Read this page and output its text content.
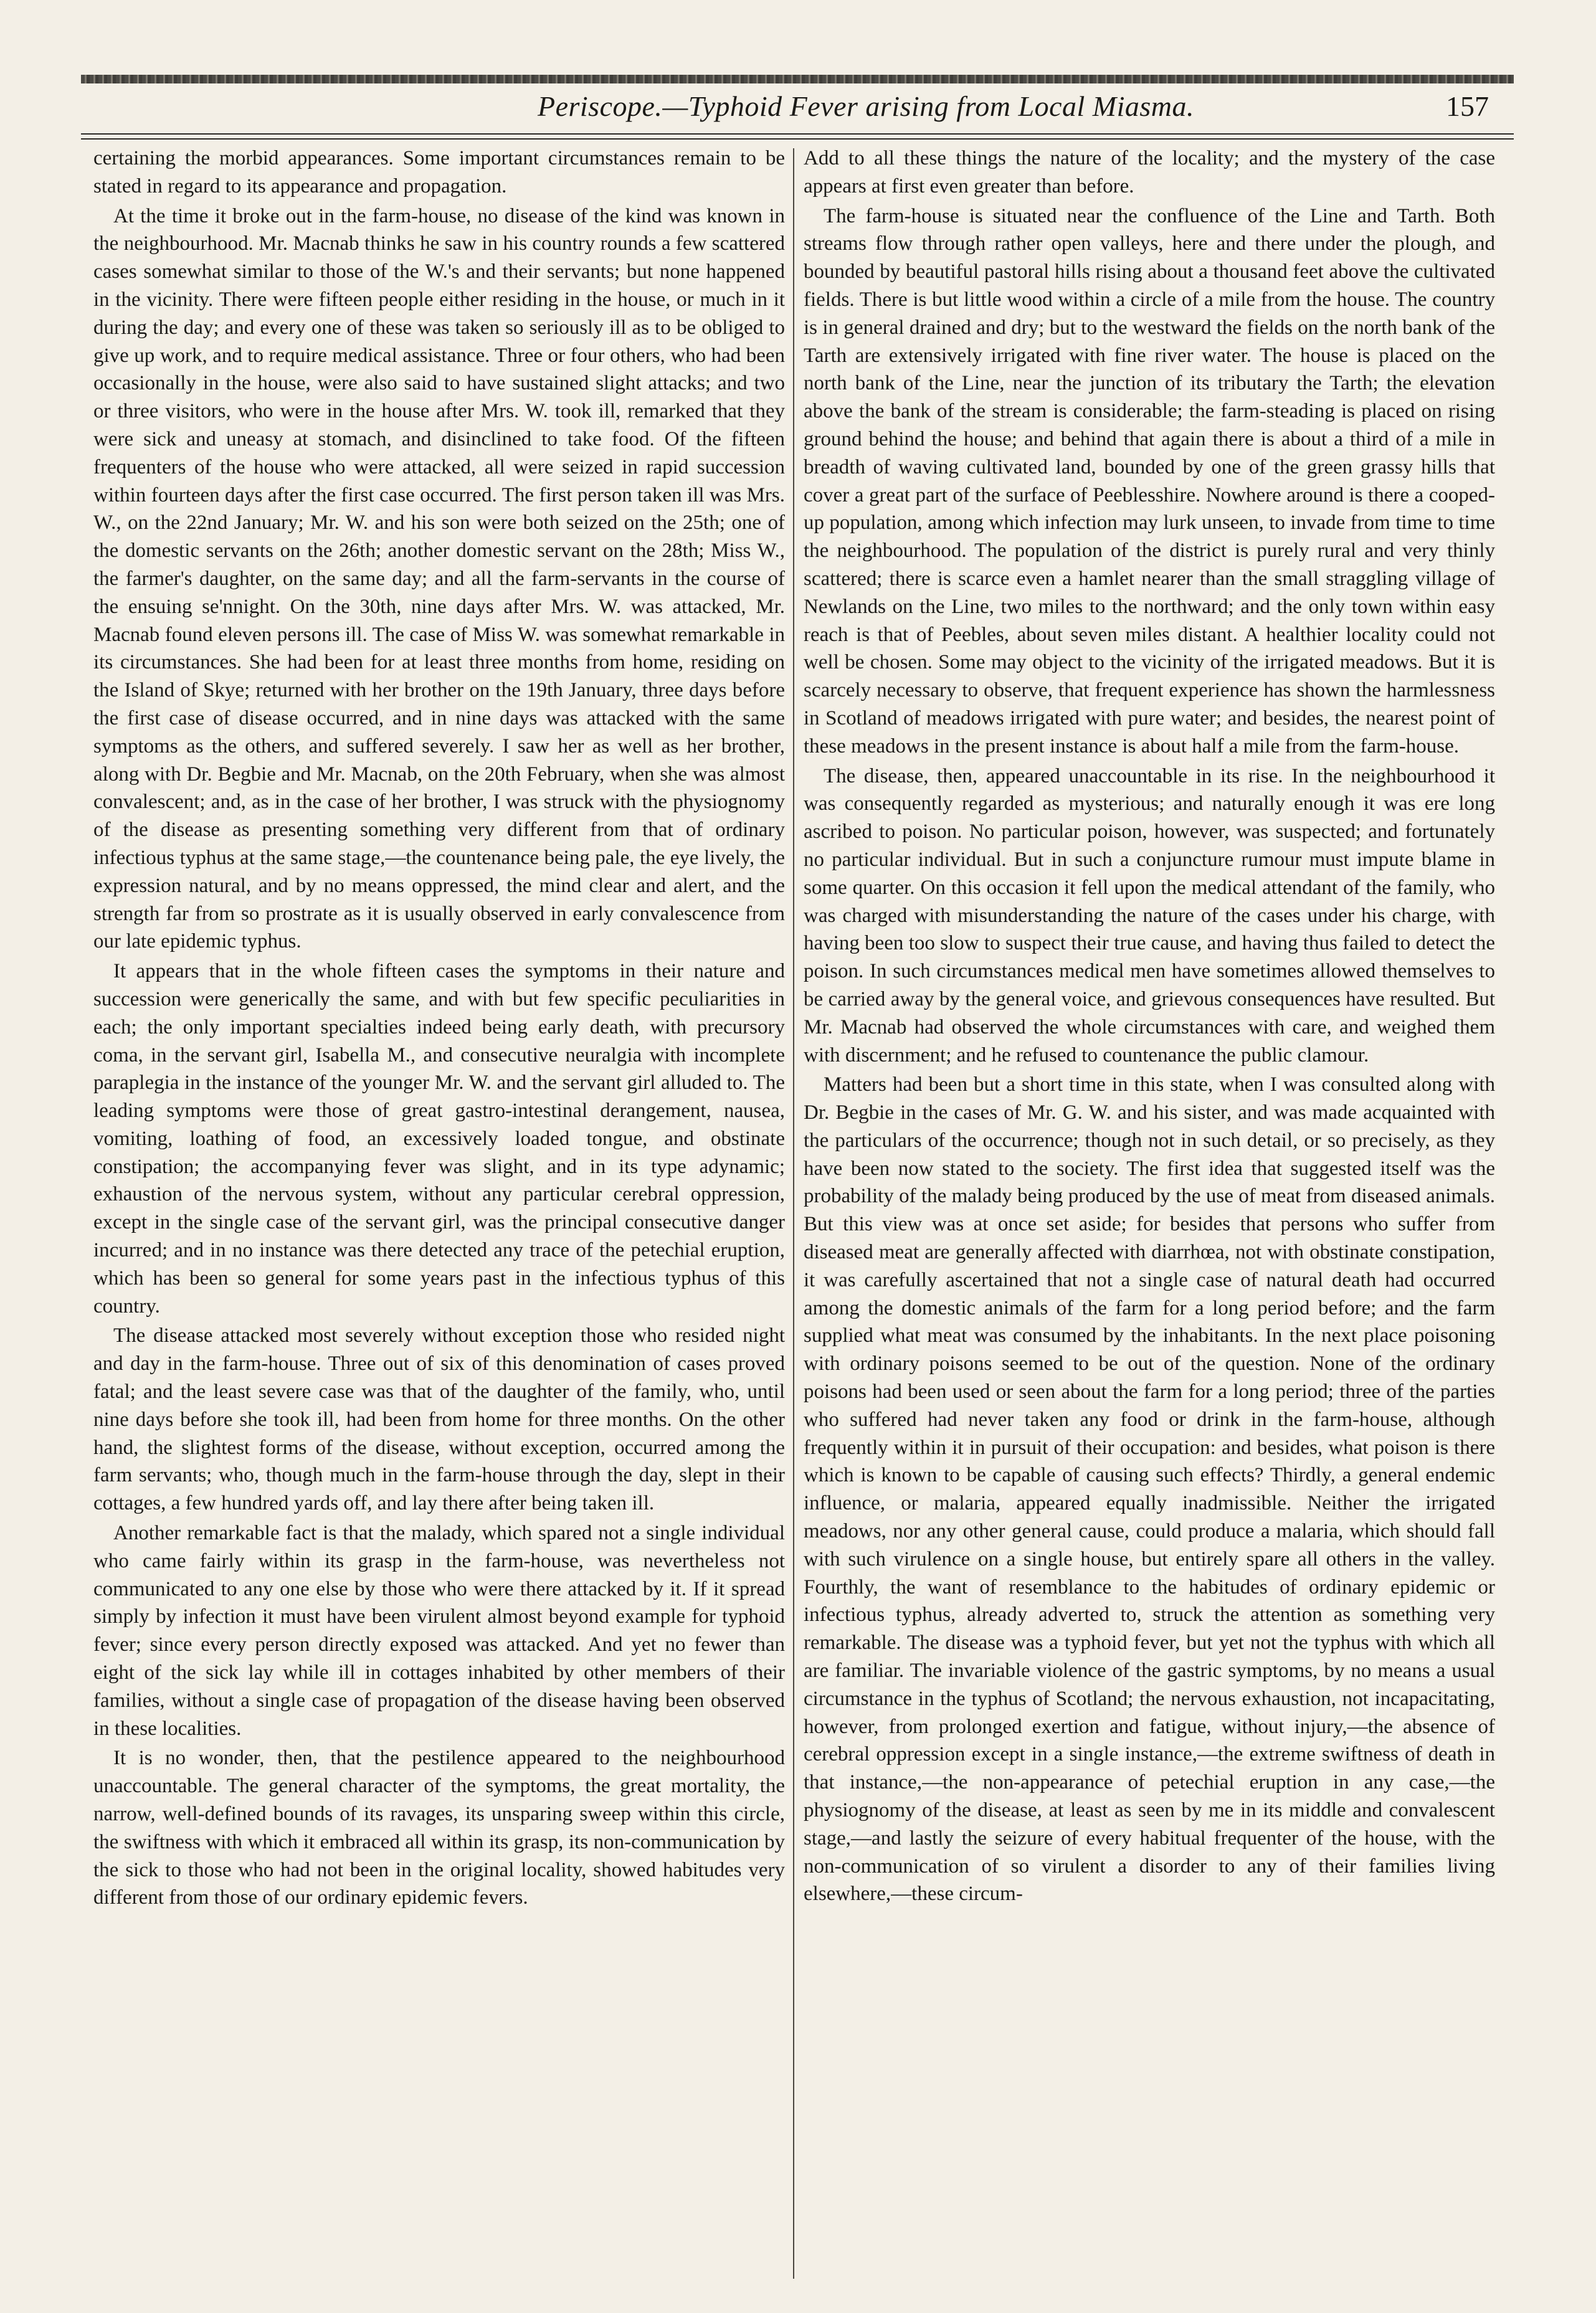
Periscope.—Typhoid Fever arising from Local Miasma.	157

certaining the morbid appearances. Some important circumstances remain to be stated in regard to its appearance and propagation.

At the time it broke out in the farm-house, no disease of the kind was known in the neighbourhood. Mr. Macnab thinks he saw in his country rounds a few scattered cases somewhat similar to those of the W.'s and their servants; but none happened in the vicinity. There were fifteen people either residing in the house, or much in it during the day; and every one of these was taken so seriously ill as to be obliged to give up work, and to require medical assistance. Three or four others, who had been occasionally in the house, were also said to have sustained slight attacks; and two or three visitors, who were in the house after Mrs. W. took ill, remarked that they were sick and uneasy at stomach, and disinclined to take food. Of the fifteen frequenters of the house who were attacked, all were seized in rapid succession within fourteen days after the first case occurred. The first person taken ill was Mrs. W., on the 22nd January; Mr. W. and his son were both seized on the 25th; one of the domestic servants on the 26th; another domestic servant on the 28th; Miss W., the farmer's daughter, on the same day; and all the farm-servants in the course of the ensuing se'nnight. On the 30th, nine days after Mrs. W. was attacked, Mr. Macnab found eleven persons ill. The case of Miss W. was somewhat remarkable in its circumstances. She had been for at least three months from home, residing on the Island of Skye; returned with her brother on the 19th January, three days before the first case of disease occurred, and in nine days was attacked with the same symptoms as the others, and suffered severely. I saw her as well as her brother, along with Dr. Begbie and Mr. Macnab, on the 20th February, when she was almost convalescent; and, as in the case of her brother, I was struck with the physiognomy of the disease as presenting something very different from that of ordinary infectious typhus at the same stage,—the countenance being pale, the eye lively, the expression natural, and by no means oppressed, the mind clear and alert, and the strength far from so prostrate as it is usually observed in early convalescence from our late epidemic typhus.

It appears that in the whole fifteen cases the symptoms in their nature and succession were generically the same, and with but few specific peculiarities in each; the only important specialties indeed being early death, with precursory coma, in the servant girl, Isabella M., and consecutive neuralgia with incomplete paraplegia in the instance of the younger Mr. W. and the servant girl alluded to. The leading symptoms were those of great gastro-intestinal derangement, nausea, vomiting, loathing of food, an excessively loaded tongue, and obstinate constipation; the accompanying fever was slight, and in its type adynamic; exhaustion of the nervous system, without any particular cerebral oppression, except in the single case of the servant girl, was the principal consecutive danger incurred; and in no instance was there detected any trace of the petechial eruption, which has been so general for some years past in the infectious typhus of this country.

The disease attacked most severely without exception those who resided night and day in the farm-house. Three out of six of this denomination of cases proved fatal; and the least severe case was that of the daughter of the family, who, until nine days before she took ill, had been from home for three months. On the other hand, the slightest forms of the disease, without exception, occurred among the farm servants; who, though much in the farm-house through the day, slept in their cottages, a few hundred yards off, and lay there after being taken ill.

Another remarkable fact is that the malady, which spared not a single individual who came fairly within its grasp in the farm-house, was nevertheless not communicated to any one else by those who were there attacked by it. If it spread simply by infection it must have been virulent almost beyond example for typhoid fever; since every person directly exposed was attacked. And yet no fewer than eight of the sick lay while ill in cottages inhabited by other members of their families, without a single case of propagation of the disease having been observed in these localities.

It is no wonder, then, that the pestilence appeared to the neighbourhood unaccountable. The general character of the symptoms, the great mortality, the narrow, well-defined bounds of its ravages, its unsparing sweep within this circle, the swiftness with which it embraced all within its grasp, its non-communication by the sick to those who had not been in the original locality, showed habitudes very different from those of our ordinary epidemic fevers.

Add to all these things the nature of the locality; and the mystery of the case appears at first even greater than before.

The farm-house is situated near the confluence of the Line and Tarth. Both streams flow through rather open valleys, here and there under the plough, and bounded by beautiful pastoral hills rising about a thousand feet above the cultivated fields. There is but little wood within a circle of a mile from the house. The country is in general drained and dry; but to the westward the fields on the north bank of the Tarth are extensively irrigated with fine river water. The house is placed on the north bank of the Line, near the junction of its tributary the Tarth; the elevation above the bank of the stream is considerable; the farm-steading is placed on rising ground behind the house; and behind that again there is about a third of a mile in breadth of waving cultivated land, bounded by one of the green grassy hills that cover a great part of the surface of Peeblesshire. Nowhere around is there a cooped-up population, among which infection may lurk unseen, to invade from time to time the neighbourhood. The population of the district is purely rural and very thinly scattered; there is scarce even a hamlet nearer than the small straggling village of Newlands on the Line, two miles to the northward; and the only town within easy reach is that of Peebles, about seven miles distant. A healthier locality could not well be chosen. Some may object to the vicinity of the irrigated meadows. But it is scarcely necessary to observe, that frequent experience has shown the harmlessness in Scotland of meadows irrigated with pure water; and besides, the nearest point of these meadows in the present instance is about half a mile from the farm-house.

The disease, then, appeared unaccountable in its rise. In the neighbourhood it was consequently regarded as mysterious; and naturally enough it was ere long ascribed to poison. No particular poison, however, was suspected; and fortunately no particular individual. But in such a conjuncture rumour must impute blame in some quarter. On this occasion it fell upon the medical attendant of the family, who was charged with misunderstanding the nature of the cases under his charge, with having been too slow to suspect their true cause, and having thus failed to detect the poison. In such circumstances medical men have sometimes allowed themselves to be carried away by the general voice, and grievous consequences have resulted. But Mr. Macnab had observed the whole circumstances with care, and weighed them with discernment; and he refused to countenance the public clamour.

Matters had been but a short time in this state, when I was consulted along with Dr. Begbie in the cases of Mr. G. W. and his sister, and was made acquainted with the particulars of the occurrence; though not in such detail, or so precisely, as they have been now stated to the society. The first idea that suggested itself was the probability of the malady being produced by the use of meat from diseased animals. But this view was at once set aside; for besides that persons who suffer from diseased meat are generally affected with diarrhœa, not with obstinate constipation, it was carefully ascertained that not a single case of natural death had occurred among the domestic animals of the farm for a long period before; and the farm supplied what meat was consumed by the inhabitants. In the next place poisoning with ordinary poisons seemed to be out of the question. None of the ordinary poisons had been used or seen about the farm for a long period; three of the parties who suffered had never taken any food or drink in the farm-house, although frequently within it in pursuit of their occupation: and besides, what poison is there which is known to be capable of causing such effects? Thirdly, a general endemic influence, or malaria, appeared equally inadmissible. Neither the irrigated meadows, nor any other general cause, could produce a malaria, which should fall with such virulence on a single house, but entirely spare all others in the valley. Fourthly, the want of resemblance to the habitudes of ordinary epidemic or infectious typhus, already adverted to, struck the attention as something very remarkable. The disease was a typhoid fever, but yet not the typhus with which all are familiar. The invariable violence of the gastric symptoms, by no means a usual circumstance in the typhus of Scotland; the nervous exhaustion, not incapacitating, however, from prolonged exertion and fatigue, without injury,—the absence of cerebral oppression except in a single instance,—the extreme swiftness of death in that instance,—the non-appearance of petechial eruption in any case,—the physiognomy of the disease, at least as seen by me in its middle and convalescent stage,—and lastly the seizure of every habitual frequenter of the house, with the non-communication of so virulent a disorder to any of their families living elsewhere,—these circum-
